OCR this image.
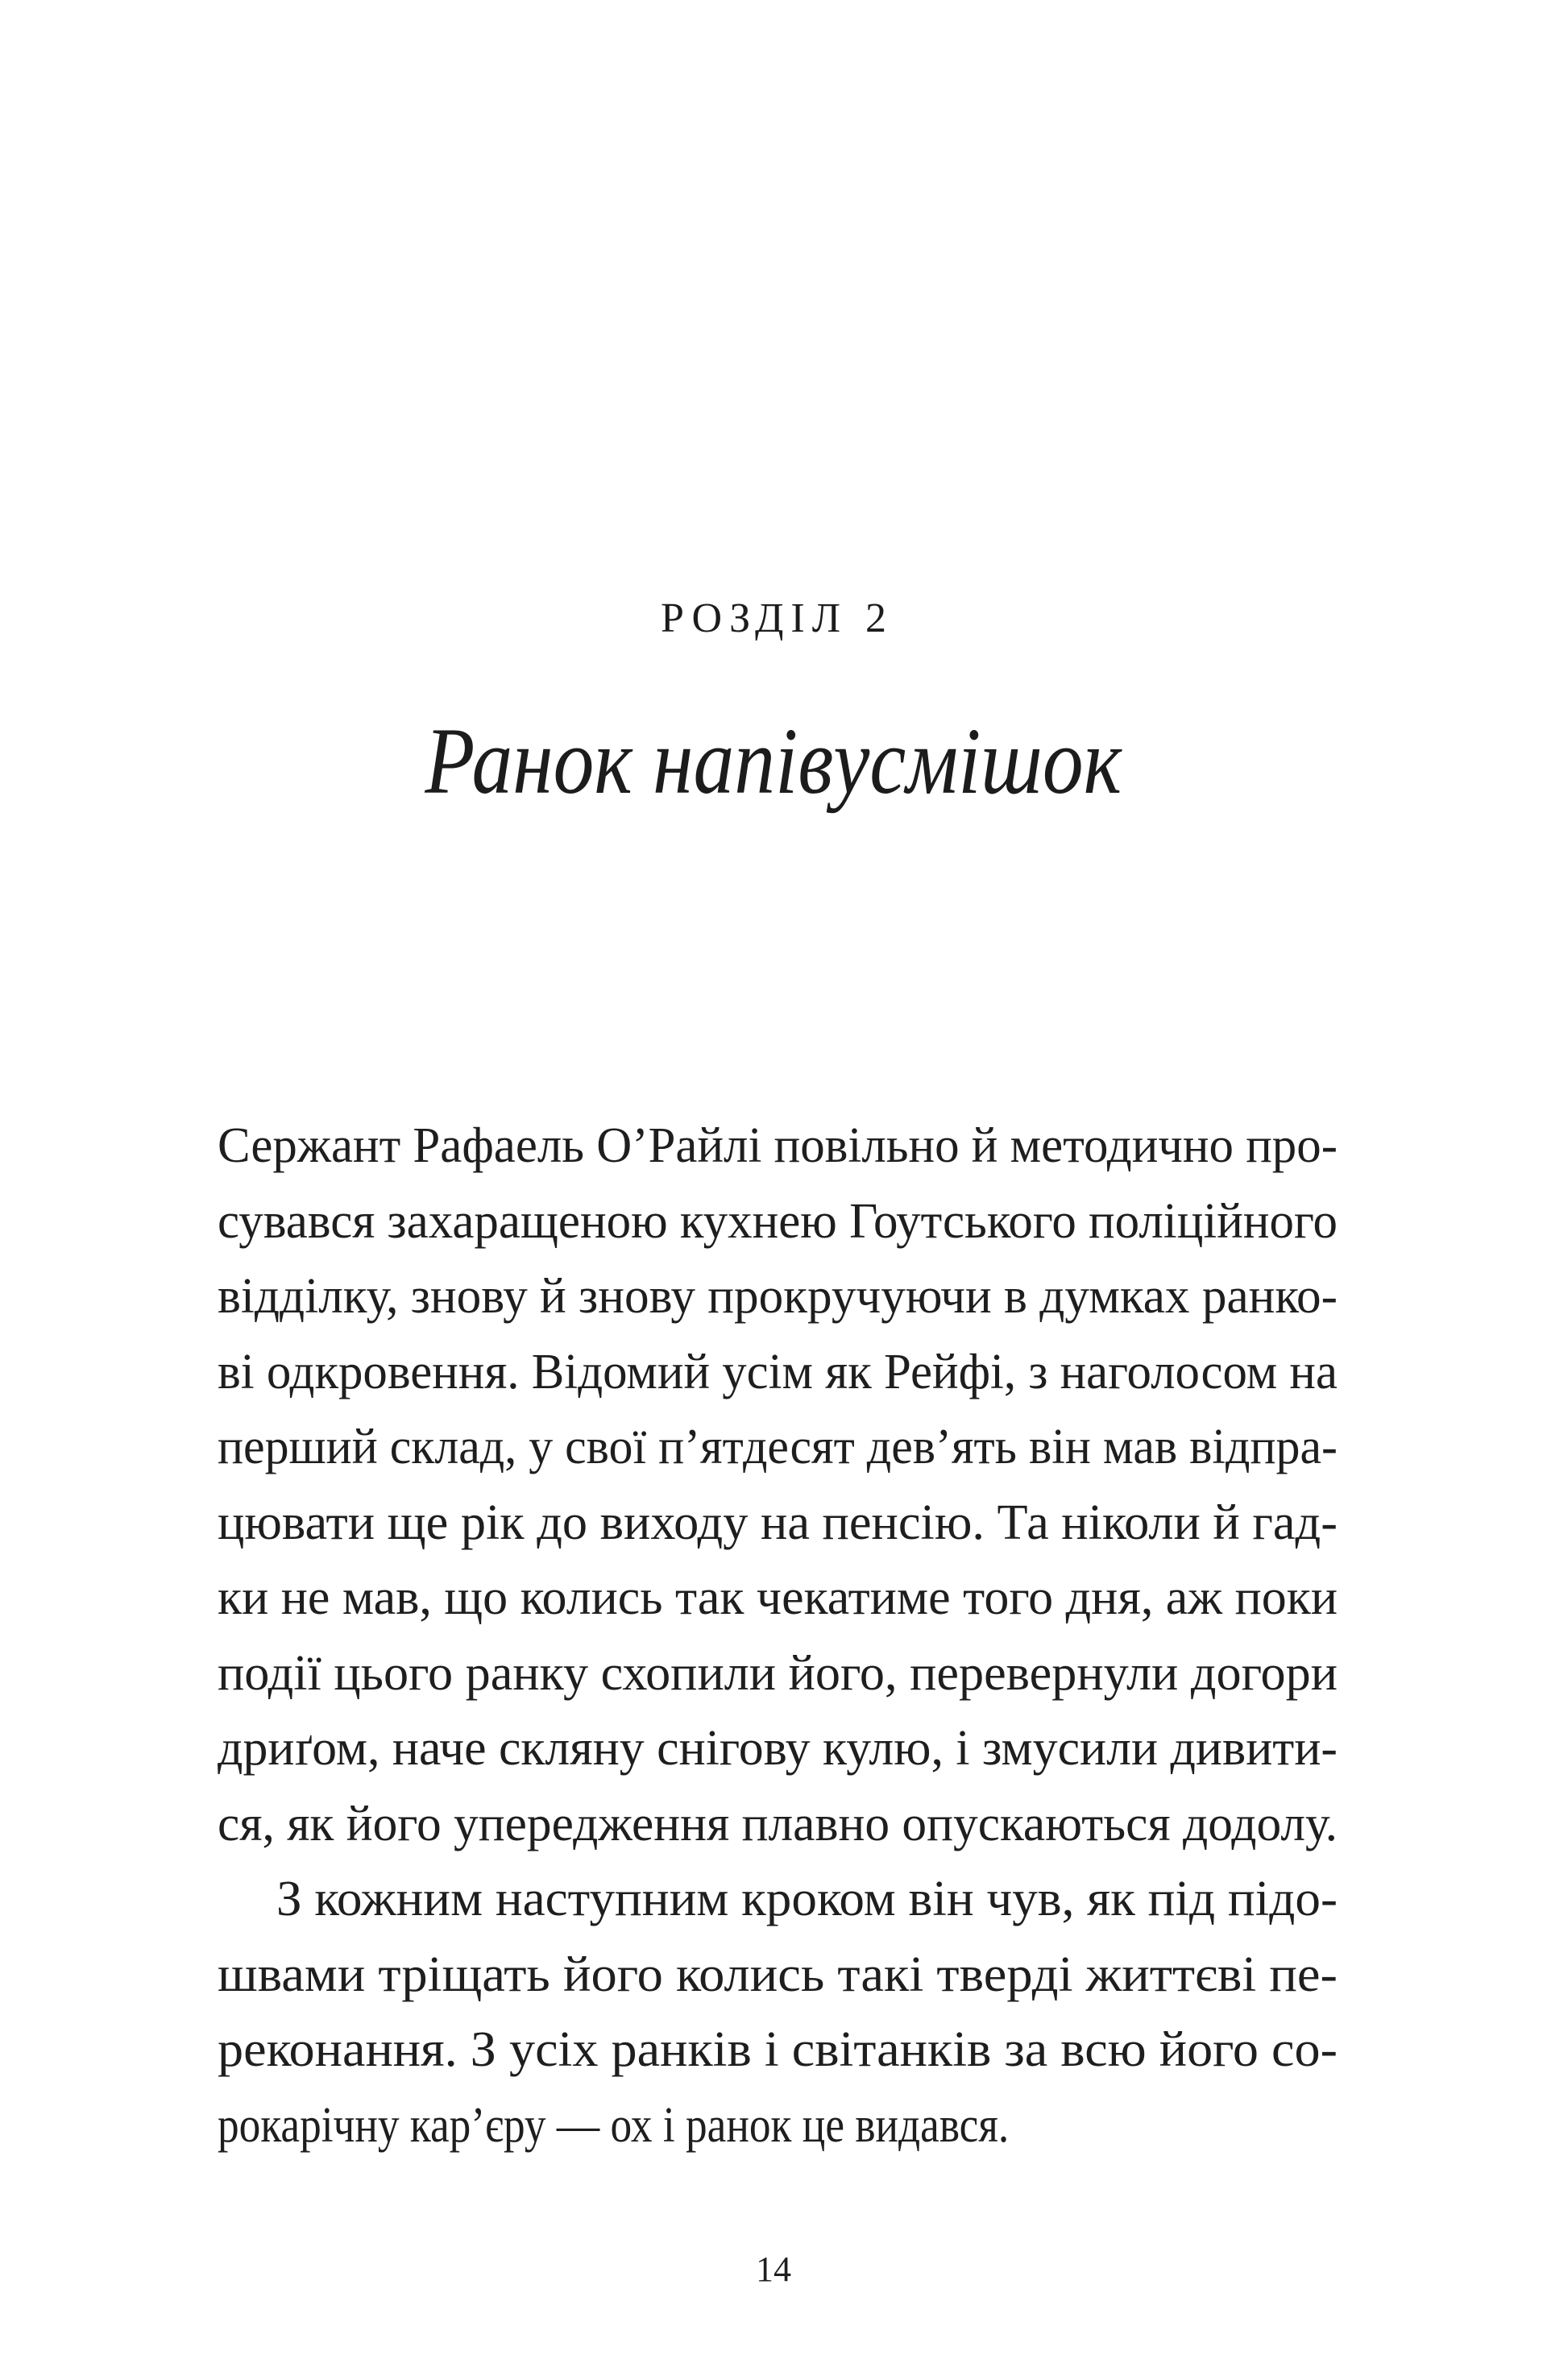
РОЗДІЛ 2
Ранок напівусмішок
Сержант Рафаель О’Райлі повільно й методично про-
сувався захаращеною кухнею Гоутського поліційного
відділку, знову й знову прокручуючи в думках ранко-
ві одкровення. Відомий усім як Рейфі, з наголосом на
перший склад, у свої п’ятдесят дев’ять він мав відпра-
цювати ще рік до виходу на пенсію. Та ніколи й гад-
ки не мав, що колись так чекатиме того дня, аж поки
події цього ранку схопили його, перевернули догори
дриґом, наче скляну снігову кулю, і змусили дивити-
ся, як його упередження плавно опускаються додолу.
З кожним наступним кроком він чув, як під підо-
швами тріщать його колись такі тверді життєві пе-
реконання. З усіх ранків і світанків за всю його со-
рокарічну кар’єру — ох і ранок це видався.
14
